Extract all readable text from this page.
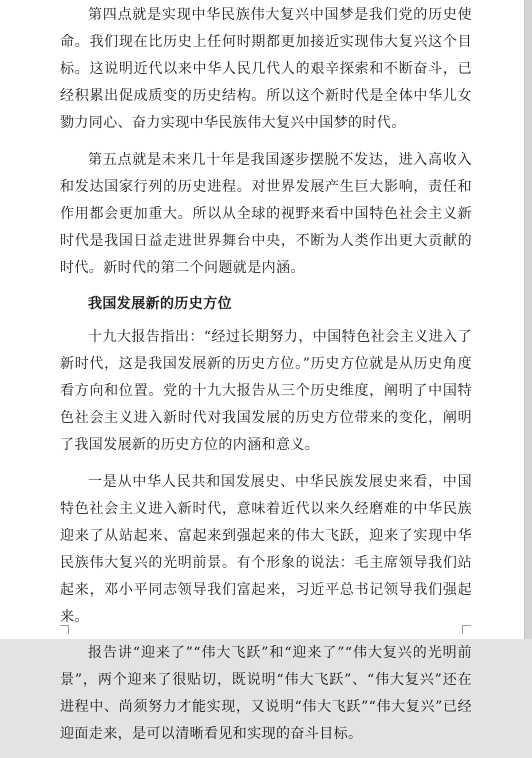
第四点就是实现中华民族伟大复兴中国梦是我们党的历史使命。我们现在比历史上任何时期都更加接近实现伟大复兴这个目标。这说明近代以来中华人民几代人的艰辛探索和不断奋斗，已经积累出促成质变的历史结构。所以这个新时代是全体中华儿女勠力同心、奋力实现中华民族伟大复兴中国梦的时代。

第五点就是未来几十年是我国逐步摆脱不发达，进入高收入和发达国家行列的历史进程。对世界发展产生巨大影响，责任和作用都会更加重大。所以从全球的视野来看中国特色社会主义新时代是我国日益走进世界舞台中央，不断为人类作出更大贡献的时代。新时代的第二个问题就是内涵。

我国发展新的历史方位

十九大报告指出：“经过长期努力，中国特色社会主义进入了新时代，这是我国发展新的历史方位。”历史方位就是从历史角度看方向和位置。党的十九大报告从三个历史维度，阐明了中国特色社会主义进入新时代对我国发展的历史方位带来的变化，阐明了我国发展新的历史方位的内涵和意义。

一是从中华人民共和国发展史、中华民族发展史来看，中国特色社会主义进入新时代，意味着近代以来久经磨难的中华民族迎来了从站起来、富起来到强起来的伟大飞跃，迎来了实现中华民族伟大复兴的光明前景。有个形象的说法：毛主席领导我们站起来，邓小平同志领导我们富起来，习近平总书记领导我们强起来。

报告讲“迎来了”“伟大飞跃”和“迎来了”“伟大复兴的光明前景”，两个迎来了很贴切，既说明“伟大飞跃”、“伟大复兴”还在进程中、尚须努力才能实现，又说明“伟大飞跃”“伟大复兴”已经迎面走来，是可以清晰看见和实现的奋斗目标。
